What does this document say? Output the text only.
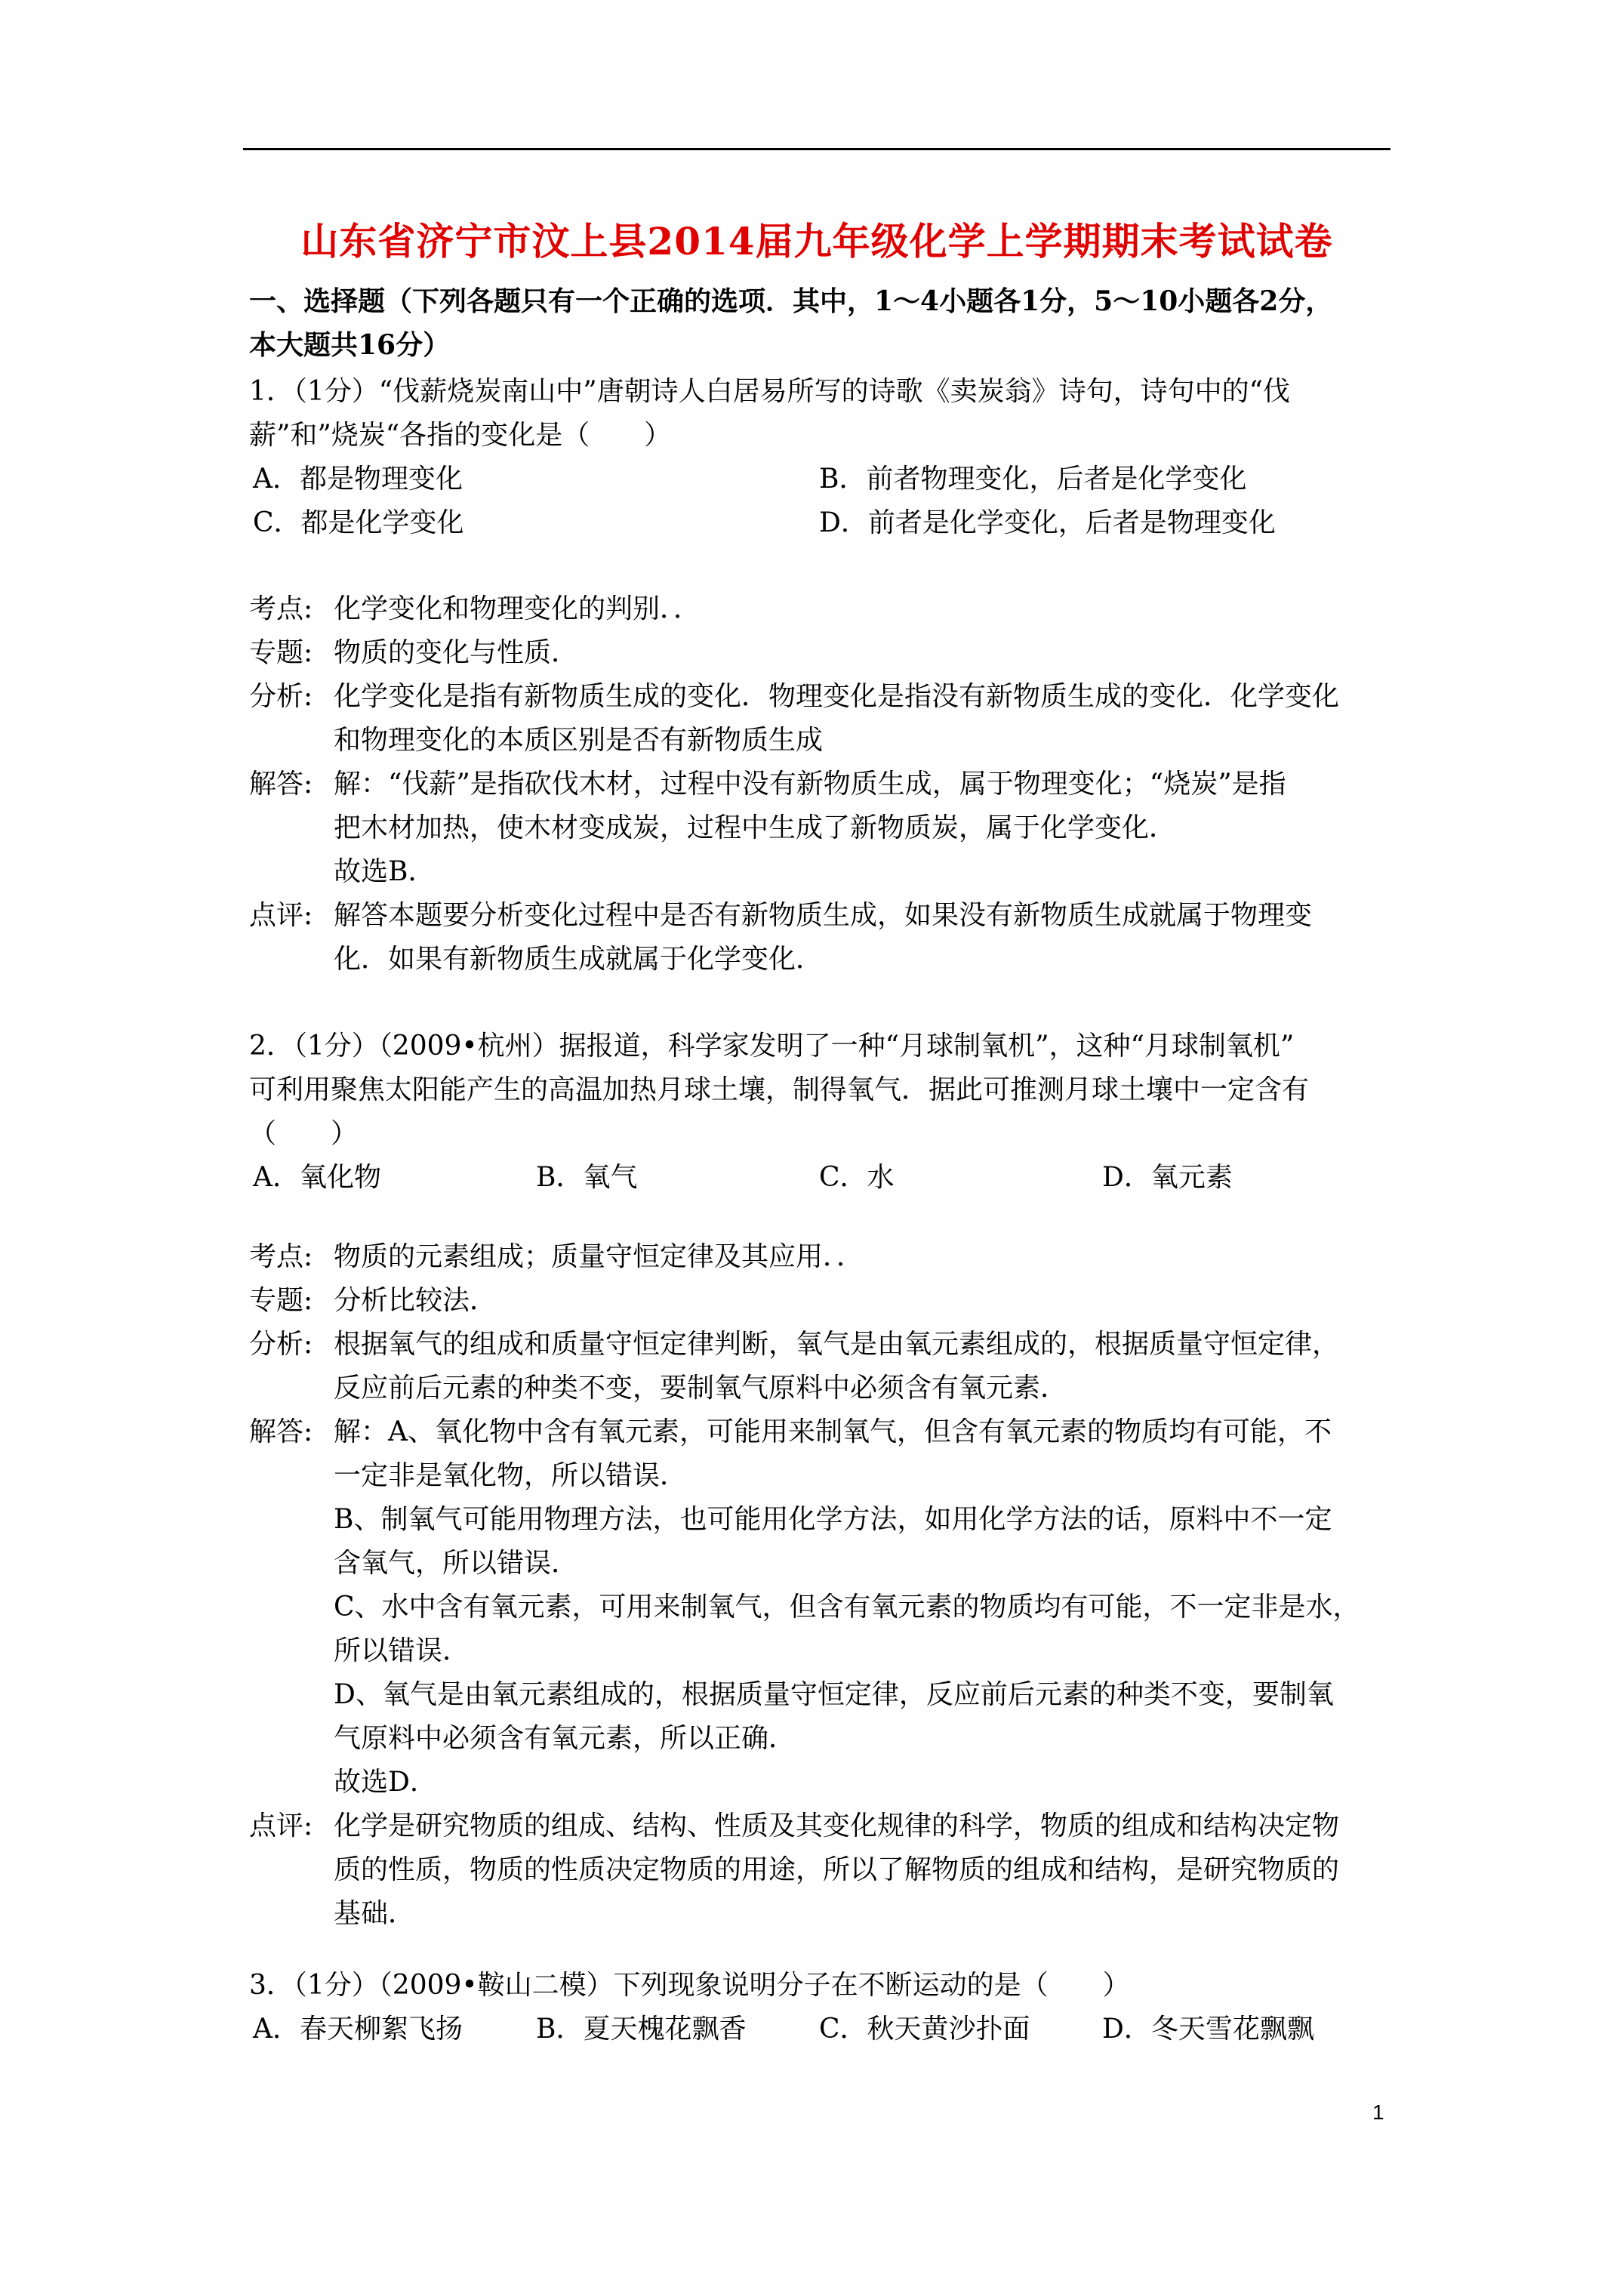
山东省济宁市汶上县2014届九年级化学上学期期末考试试卷
一、选择题（下列各题只有一个正确的选项．其中，1～4小题各1分，5～10小题各2分，
本大题共16分）
1．（1分）“伐薪烧炭南山中”唐朝诗人白居易所写的诗歌《卖炭翁》诗句，诗句中的“伐
薪”和”烧炭“各指的变化是（　　）
A．都是物理变化	B．前者物理变化，后者是化学变化
C．都是化学变化	D．前者是化学变化，后者是物理变化
考点: 化学变化和物理变化的判别．．

专题: 物质的变化与性质．

分析: 化学变化是指有新物质生成的变化．物理变化是指没有新物质生成的变化．化学变化

和物理变化的本质区别是否有新物质生成

解答: 解：“伐薪”是指砍伐木材，过程中没有新物质生成，属于物理变化；“烧炭”是指

把木材加热，使木材变成炭，过程中生成了新物质炭，属于化学变化．

故选B．

点评: 解答本题要分析变化过程中是否有新物质生成，如果没有新物质生成就属于物理变

化．如果有新物质生成就属于化学变化．

2．（1分）（2009•杭州）据报道，科学家发明了一种“月球制氧机”，这种“月球制氧机”
可利用聚焦太阳能产生的高温加热月球土壤，制得氧气．据此可推测月球土壤中一定含有
（　　）
A．氧化物	B．氧气	C．水	D．氧元素
考点: 物质的元素组成；质量守恒定律及其应用．．

专题: 分析比较法．

分析: 根据氧气的组成和质量守恒定律判断，氧气是由氧元素组成的，根据质量守恒定律，

反应前后元素的种类不变，要制氧气原料中必须含有氧元素．

解答: 解：A、氧化物中含有氧元素，可能用来制氧气，但含有氧元素的物质均有可能，不

一定非是氧化物，所以错误．

B、制氧气可能用物理方法，也可能用化学方法，如用化学方法的话，原料中不一定

含氧气，所以错误．

C、水中含有氧元素，可用来制氧气，但含有氧元素的物质均有可能，不一定非是水，

所以错误．

D、氧气是由氧元素组成的，根据质量守恒定律，反应前后元素的种类不变，要制氧

气原料中必须含有氧元素，所以正确．

故选D．

点评: 化学是研究物质的组成、结构、性质及其变化规律的科学，物质的组成和结构决定物

质的性质，物质的性质决定物质的用途，所以了解物质的组成和结构，是研究物质的

基础．

3．（1分）（2009•鞍山二模）下列现象说明分子在不断运动的是（　　）
A．春天柳絮飞扬	B．夏天槐花飘香	C．秋天黄沙扑面	D．冬天雪花飘飘
1
